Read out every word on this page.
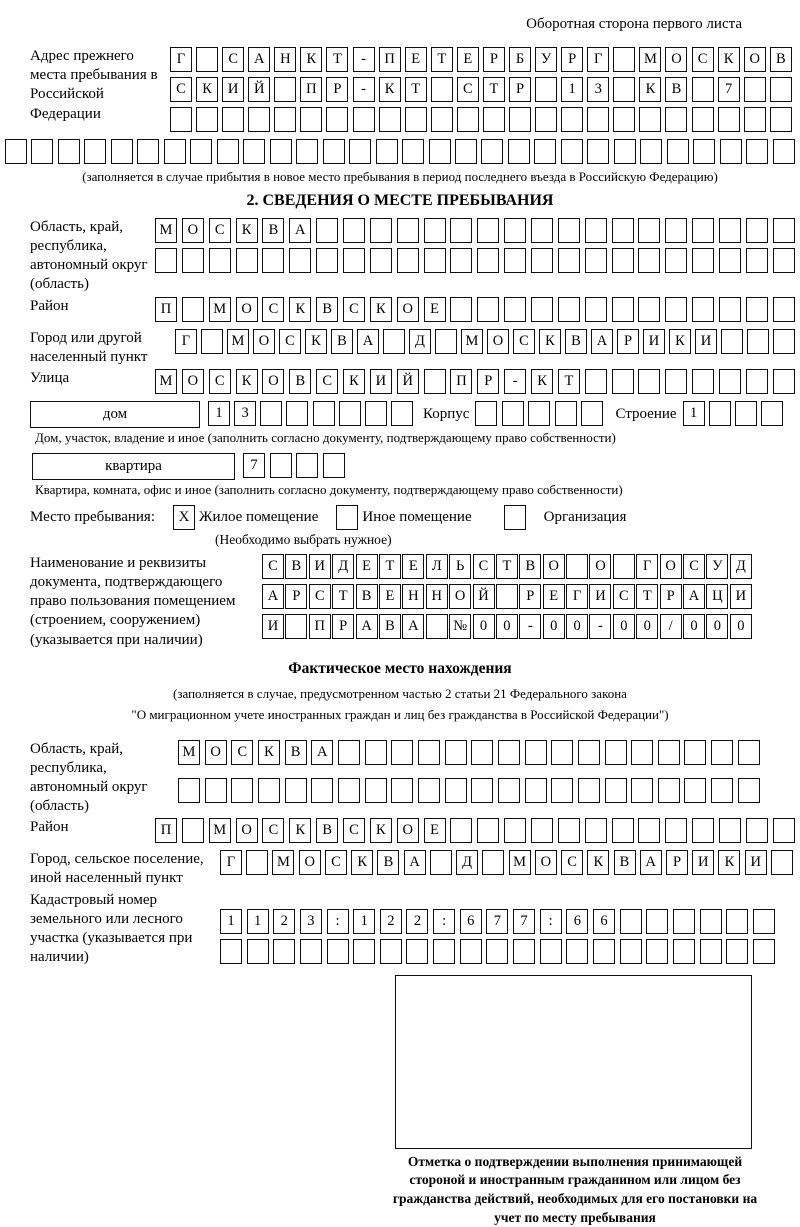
Оборотная сторона первого листа
Адрес прежнего места пребывания в Российской Федерации
Г	С	А	Н	К	Т	-	П	Е	Т	Е	Р	Б	У	Р	Г	М О	С	К	О	В
С	К	И	Й	П	Р	-	К	Т	С	Т	Р	1	3	К	В	7
(заполняется в случае прибытия в новое место пребывания в период последнего въезда в Российскую Федерацию)
2. СВЕДЕНИЯ О МЕСТЕ ПРЕБЫВАНИЯ
Область, край, республика, автономный округ (область)
М	О	С	К	В	А
Район	П	М	О	С	К	В	С	К	О	Е
Город или другой населенный пункт
Г	М О	С	К	В	А	Д	М О	С	К	В	А	Р	И	К	И
Улица	М	О	С	К	О	В	С	К	И	Й	П	Р	-	К	Т
дом	1	3	Корпус	Строение 1
Дом, участок, владение и иное (заполнить согласно документу, подтверждающему право собственности)
квартира	7
Квартира, комната, офис и иное (заполнить согласно документу, подтверждающему право собственности)
Место пребывания:	X Жилое помещение	Иное помещение	Организация
(Необходимо выбрать нужное)
Наименование и реквизиты документа, подтверждающего право пользования помещением (строением, сооружением) (указывается при наличии)
С В И Д Е	Т	Е Л Ь С Т В О	О	Г О С У Д
А Р	С Т В Е Н Н О Й	Р	Е	Г И С Т	Р А Ц И
И	П Р А В А	№ 0	0	-	0	0	-	0	0	/	0	0	0
Фактическое место нахождения
(заполняется в случае, предусмотренном частью 2 статьи 21 Федерального закона
"О миграционном учете иностранных граждан и лиц без гражданства в Российской Федерации")
Область, край, республика, автономный округ (область)
М	О	С	К	В	А
Район	П	М	О	С	К	В	С	К	О	Е
Город, сельское поселение, иной населенный пункт
Г	М	О	С	К	В	А	Д	М	О	С	К	В	А	Р	И	К	И
Кадастровый номер земельного или лесного участка (указывается при наличии)
1	1	2	3	:	1	2	2	:	6	7	7	:	6	6
Отметка о подтверждении выполнения принимающей стороной и иностранным гражданином или лицом без гражданства действий, необходимых для его постановки на учет по месту пребывания
